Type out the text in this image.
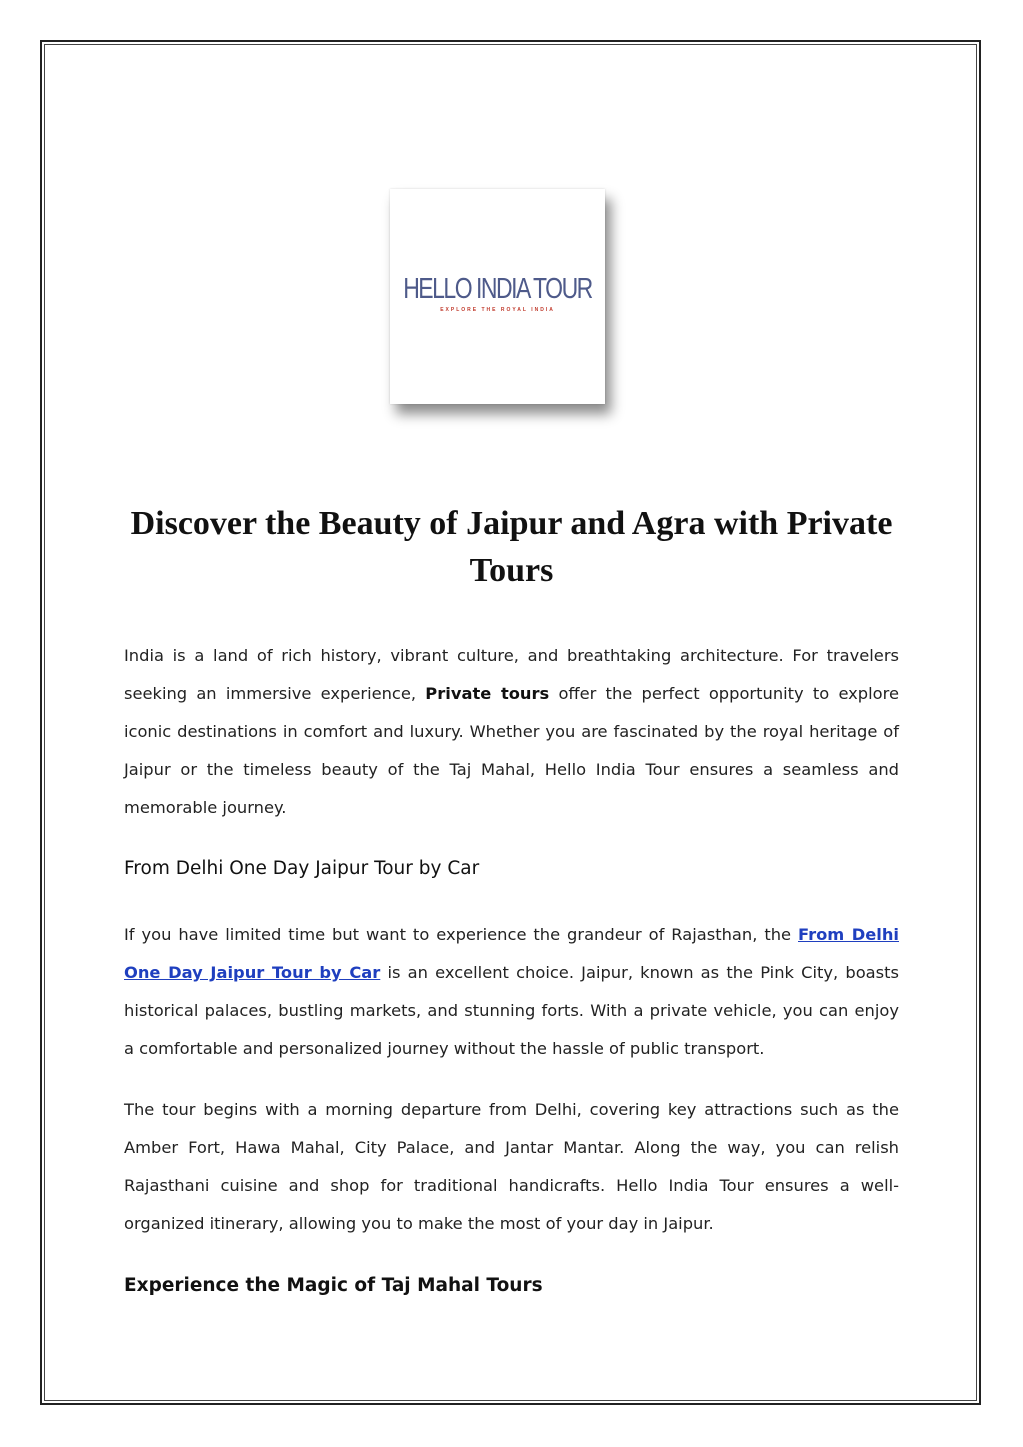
HELLO INDIA TOUR
EXPLORE THE ROYAL INDIA
Discover the Beauty of Jaipur and Agra with Private Tours

India is a land of rich history, vibrant culture, and breathtaking architecture. For travelers seeking an immersive experience, Private tours offer the perfect opportunity to explore iconic destinations in comfort and luxury. Whether you are fascinated by the royal heritage of Jaipur or the timeless beauty of the Taj Mahal, Hello India Tour ensures a seamless and memorable journey.

From Delhi One Day Jaipur Tour by Car

If you have limited time but want to experience the grandeur of Rajasthan, the From Delhi One Day Jaipur Tour by Car is an excellent choice. Jaipur, known as the Pink City, boasts historical palaces, bustling markets, and stunning forts. With a private vehicle, you can enjoy a comfortable and personalized journey without the hassle of public transport.

The tour begins with a morning departure from Delhi, covering key attractions such as the Amber Fort, Hawa Mahal, City Palace, and Jantar Mantar. Along the way, you can relish Rajasthani cuisine and shop for traditional handicrafts. Hello India Tour ensures a well-organized itinerary, allowing you to make the most of your day in Jaipur.

Experience the Magic of Taj Mahal Tours
